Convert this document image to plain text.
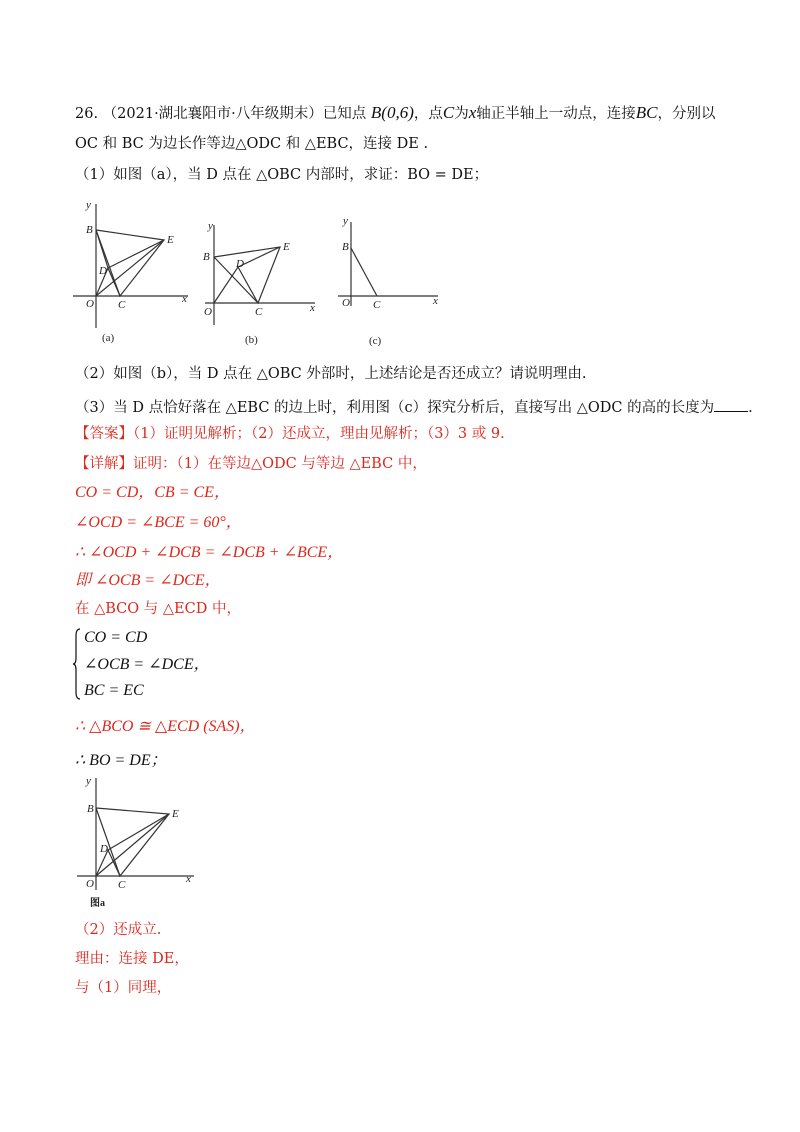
26. （2021·湖北襄阳市·八年级期末）已知点 B(0,6)，点C为x轴正半轴上一动点，连接BC，分别以
OC 和 BC 为边长作等边△ODC 和 △EBC，连接 DE .
（1）如图（a），当 D 点在 △OBC 内部时，求证：BO = DE；
y
B
E
D
O C	x
(a)
y
B
E
D
O	C	x
(b)
y
B
O C	x
(c)
（2）如图（b），当 D 点在 △OBC 外部时，上述结论是否还成立？请说明理由.
（3）当 D 点恰好落在 △EBC 的边上时，利用图（c）探究分析后，直接写出 △ODC 的高的长度为 .
【答案】（1）证明见解析；（2）还成立，理由见解析；（3）3 或 9.
【详解】证明：（1）在等边△ODC 与等边 △EBC 中，
CO = CD，CB = CE，
∠OCD = ∠BCE = 60°，
∴ ∠OCD + ∠DCB = ∠DCB + ∠BCE，
即 ∠OCB = ∠DCE，
在 △BCO 与 △ECD 中，
CO = CD
∠OCB = ∠DCE，
BC = EC
∴ △BCO ≅ △ECD (SAS)，
∴ BO = DE；
y
B	E
D
O C	x
图a
（2）还成立.
理由：连接 DE，
与（1）同理，
